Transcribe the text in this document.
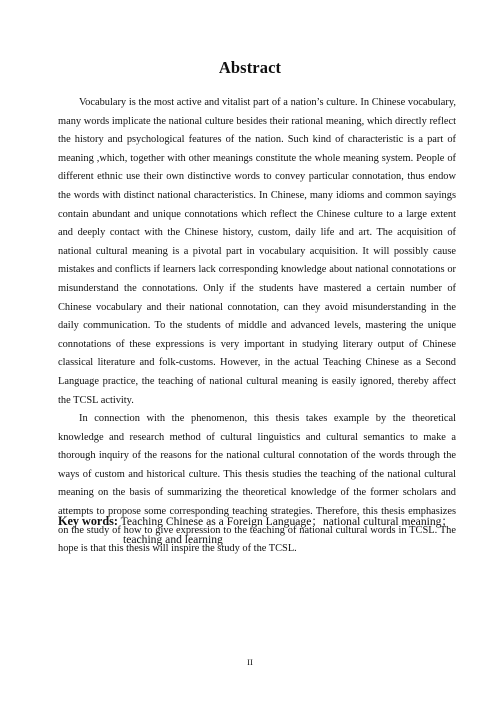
Abstract

Vocabulary is the most active and vitalist part of a nation’s culture. In Chinese vocabulary, many words implicate the national culture besides their rational meaning, which directly reflect the history and psychological features of the nation. Such kind of characteristic is a part of meaning ,which, together with other meanings constitute the whole meaning system. People of different ethnic use their own distinctive words to convey particular connotation, thus endow the words with distinct national characteristics. In Chinese, many idioms and common sayings contain abundant and unique connotations which reflect the Chinese culture to a large extent and deeply contact with the Chinese history, custom, daily life and art. The acquisition of national cultural meaning is a pivotal part in vocabulary acquisition. It will possibly cause mistakes and conflicts if learners lack corresponding knowledge about national connotations or misunderstand the connotations. Only if the students have mastered a certain number of Chinese vocabulary and their national connotation, can they avoid misunderstanding in the daily communication. To the students of middle and advanced levels, mastering the unique connotations of these expressions is very important in studying literary output of Chinese classical literature and folk-customs. However, in the actual Teaching Chinese as a Second Language practice, the teaching of national cultural meaning is easily ignored, thereby affect the TCSL activity.

In connection with the phenomenon, this thesis takes example by the theoretical knowledge and research method of cultural linguistics and cultural semantics to make a thorough inquiry of the reasons for the national cultural connotation of the words through the ways of custom and historical culture. This thesis studies the teaching of the national cultural meaning on the basis of summarizing the theoretical knowledge of the former scholars and attempts to propose some corresponding teaching strategies. Therefore, this thesis emphasizes on the study of how to give expression to the teaching of national cultural words in TCSL. The hope is that this thesis will inspire the study of the TCSL.

Key words: Teaching Chinese as a Foreign Language；national cultural meaning；
teaching and learning
II
